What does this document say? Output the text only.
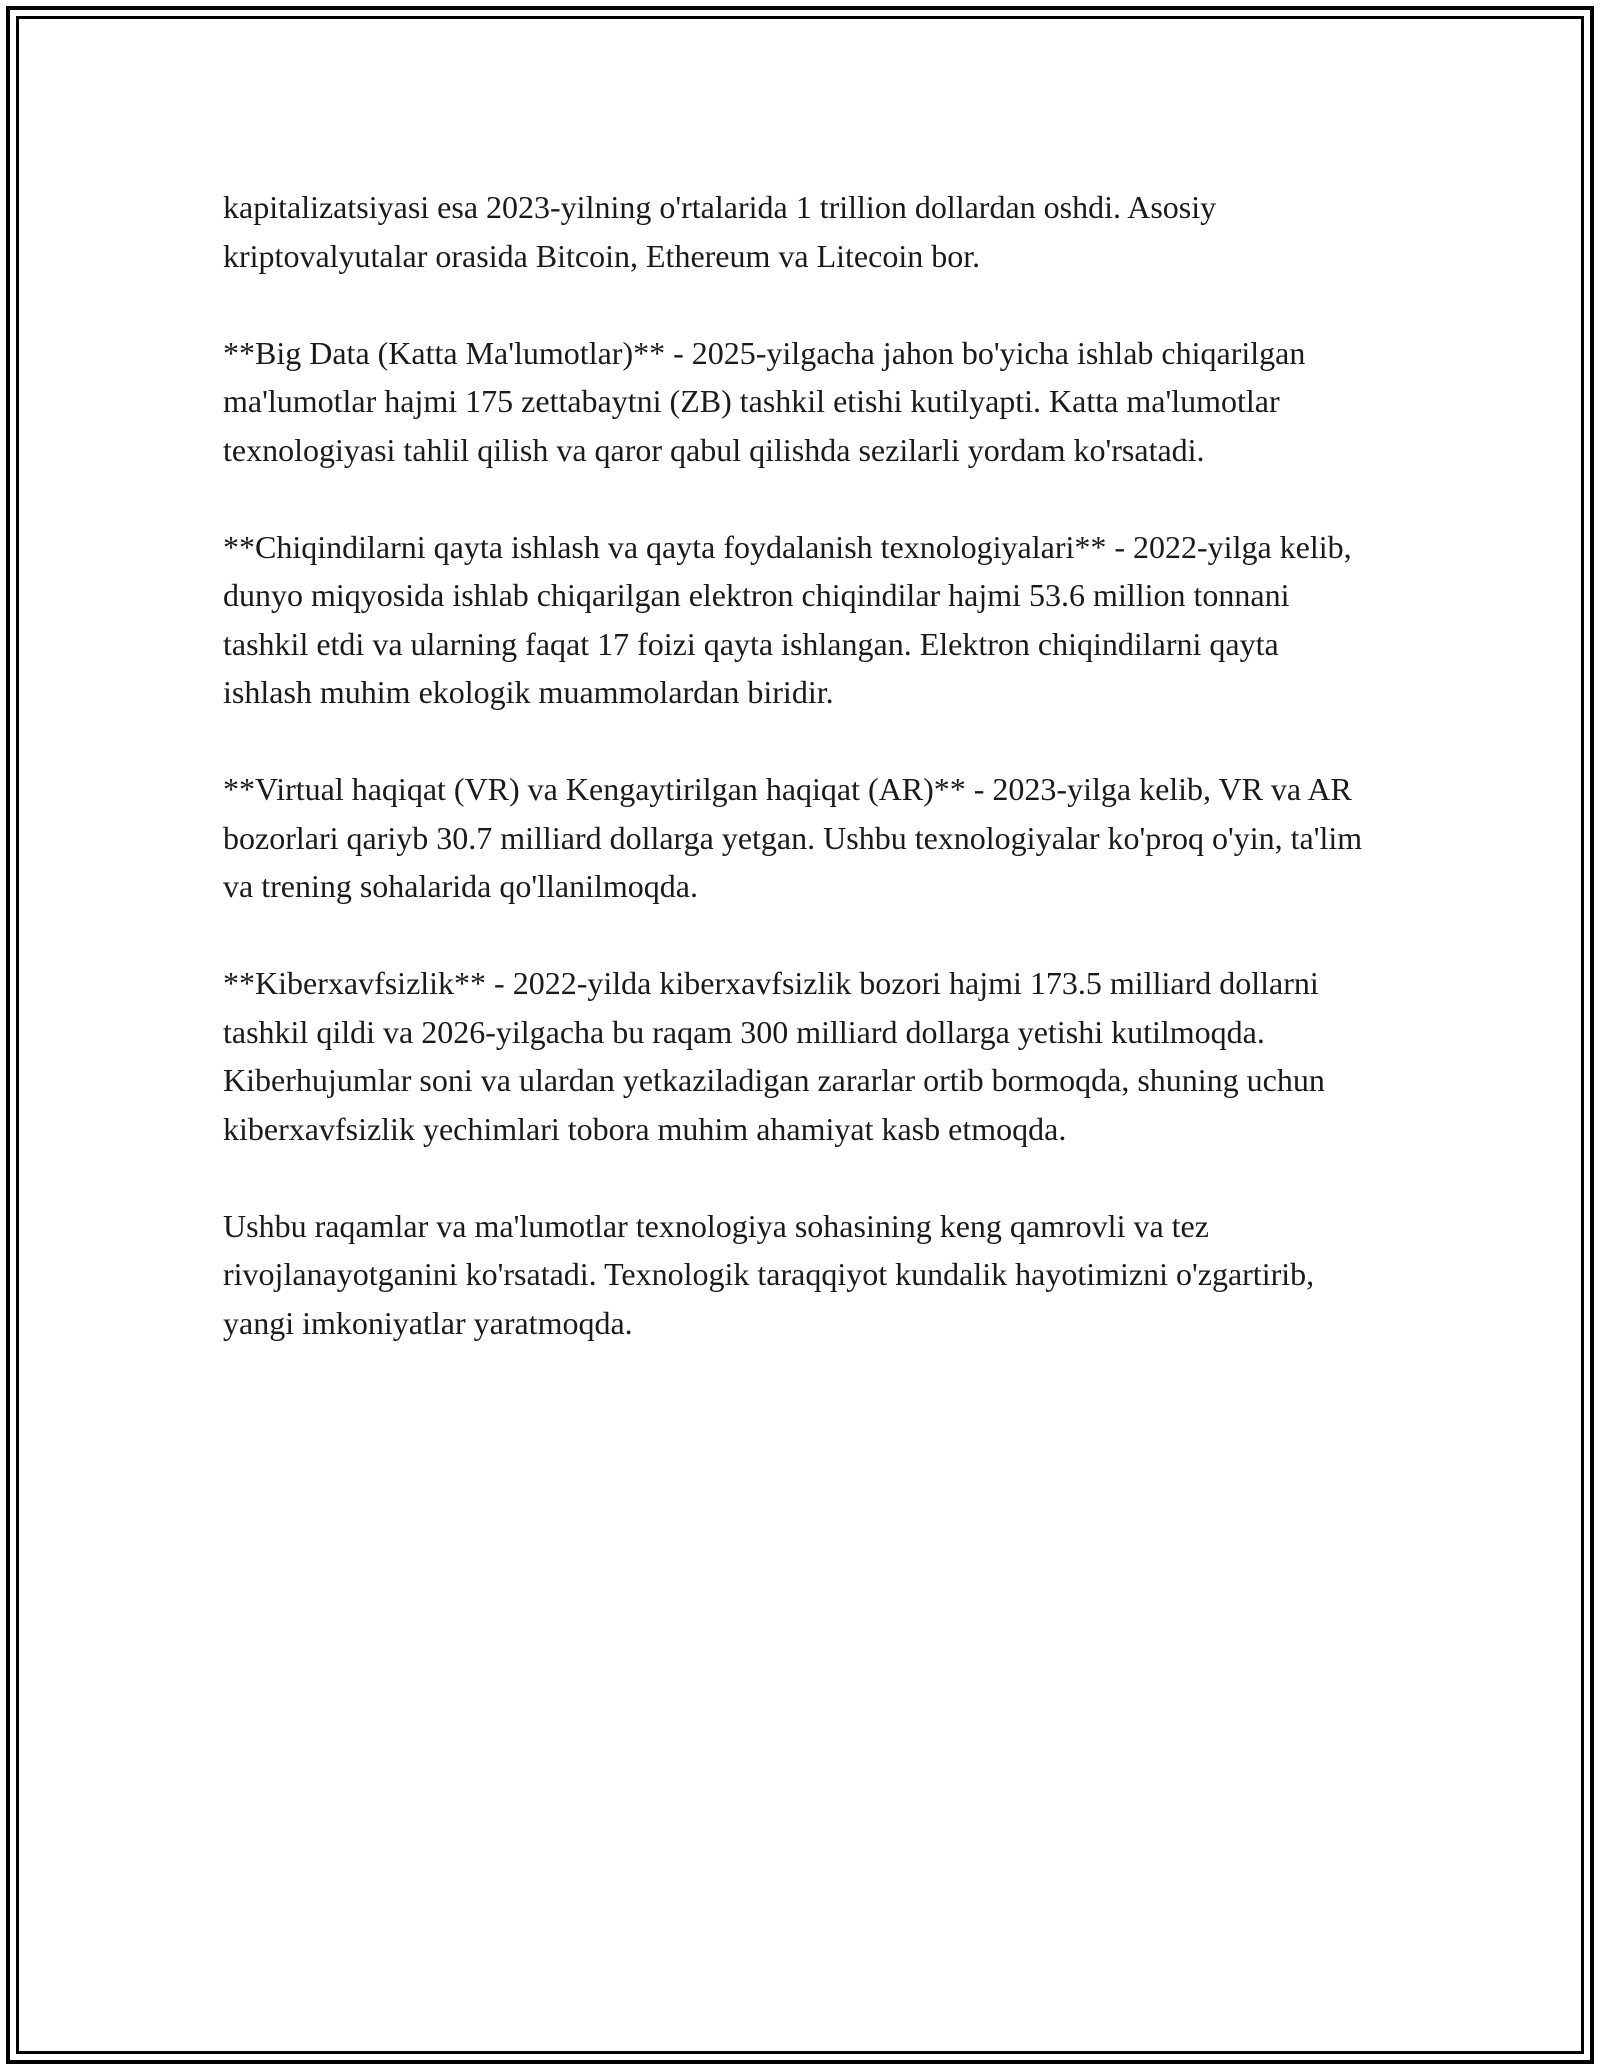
kapitalizatsiyasi esa 2023-yilning o'rtalarida 1 trillion dollardan oshdi. Asosiy kriptovalyutalar orasida Bitcoin, Ethereum va Litecoin bor.

**Big Data (Katta Ma'lumotlar)** - 2025-yilgacha jahon bo'yicha ishlab chiqarilgan ma'lumotlar hajmi 175 zettabaytni (ZB) tashkil etishi kutilyapti. Katta ma'lumotlar texnologiyasi tahlil qilish va qaror qabul qilishda sezilarli yordam ko'rsatadi.

**Chiqindilarni qayta ishlash va qayta foydalanish texnologiyalari** - 2022-yilga kelib, dunyo miqyosida ishlab chiqarilgan elektron chiqindilar hajmi 53.6 million tonnani tashkil etdi va ularning faqat 17 foizi qayta ishlangan. Elektron chiqindilarni qayta ishlash muhim ekologik muammolardan biridir.

**Virtual haqiqat (VR) va Kengaytirilgan haqiqat (AR)** - 2023-yilga kelib, VR va AR bozorlari qariyb 30.7 milliard dollarga yetgan. Ushbu texnologiyalar ko'proq o'yin, ta'lim va trening sohalarida qo'llanilmoqda.

**Kiberxavfsizlik** - 2022-yilda kiberxavfsizlik bozori hajmi 173.5 milliard dollarni tashkil qildi va 2026-yilgacha bu raqam 300 milliard dollarga yetishi kutilmoqda. Kiberhujumlar soni va ulardan yetkaziladigan zararlar ortib bormoqda, shuning uchun kiberxavfsizlik yechimlari tobora muhim ahamiyat kasb etmoqda.

Ushbu raqamlar va ma'lumotlar texnologiya sohasining keng qamrovli va tez rivojlanayotganini ko'rsatadi. Texnologik taraqqiyot kundalik hayotimizni o'zgartirib, yangi imkoniyatlar yaratmoqda.
